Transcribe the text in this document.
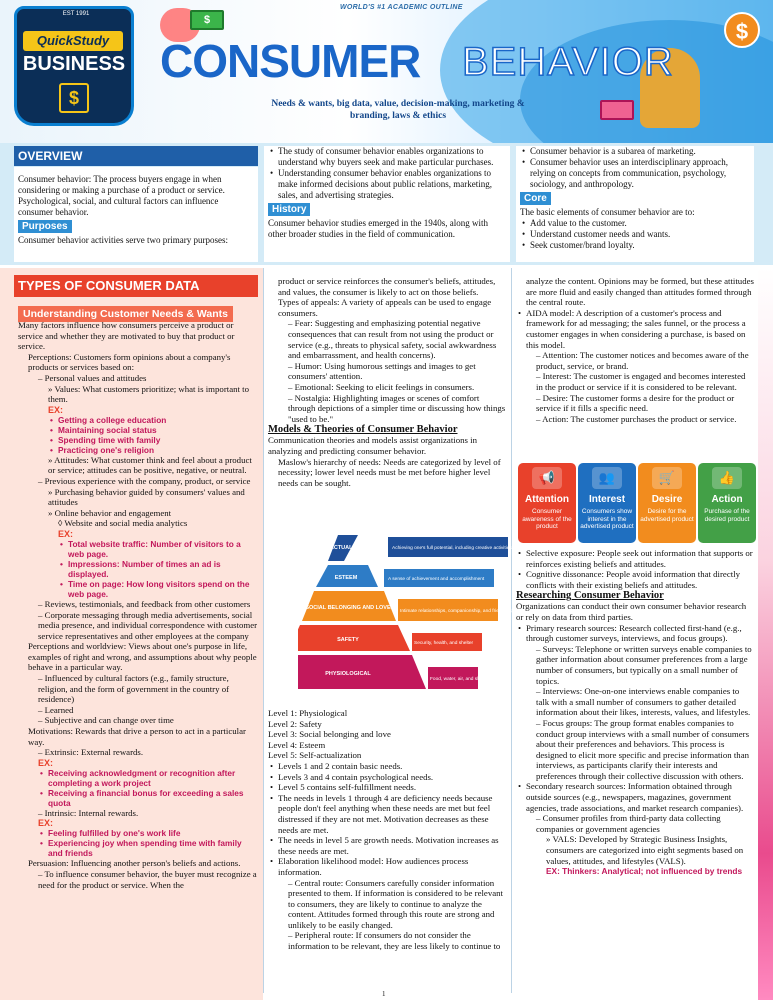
$
WORLD'S #1 ACADEMIC OUTLINE
EST 1991
QuickStudy
BUSINESS
$
CONSUMER BEHAVIOR
Needs & wants, big data, value, decision-making, marketing & branding, laws & ethics
$
OVERVIEW

Consumer behavior: The process buyers engage in when considering or making a purchase of a product or service.

Psychological, social, and cultural factors can influence consumer behavior.

Purposes

Consumer behavior activities serve two primary purposes:

• The study of consumer behavior enables organizations to understand why buyers seek and make particular purchases.
• Understanding consumer behavior enables organizations to make informed decisions about public relations, marketing, sales, and advertising strategies.
History

Consumer behavior studies emerged in the 1940s, along with other broader studies in the field of communication.

• Consumer behavior is a subarea of marketing.
• Consumer behavior uses an interdisciplinary approach, relying on concepts from communication, psychology, sociology, and anthropology.
Core

The basic elements of consumer behavior are to:

• Add value to the customer.
• Understand customer needs and wants.
• Seek customer/brand loyalty.
TYPES OF CONSUMER DATA
Understanding Customer Needs & Wants

Many factors influence how consumers perceive a product or service and whether they are motivated to buy that product or service.

Perceptions: Customers form opinions about a company's products or services based on:

– Personal values and attitudes

» Values: What customers prioritize; what is important to them.

EX:

• Getting a college education
• Maintaining social status
• Spending time with family
• Practicing one's religion

» Attitudes: What customer think and feel about a product or service; attitudes can be positive, negative, or neutral.

– Previous experience with the company, product, or service

» Purchasing behavior guided by consumers' values and attitudes

» Online behavior and engagement

◊ Website and social media analytics

EX:

• Total website traffic: Number of visitors to a web page.
• Impressions: Number of times an ad is displayed.
• Time on page: How long visitors spend on the web page.

– Reviews, testimonials, and feedback from other customers

– Corporate messaging through media advertisements, social media presence, and individual correspondence with customer service representatives and other employees at the company

Perceptions and worldview: Views about one's purpose in life, examples of right and wrong, and assumptions about why people behave in a particular way.

– Influenced by cultural factors (e.g., family structure, religion, and the form of government in the country of residence)

– Learned

– Subjective and can change over time

Motivations: Rewards that drive a person to act in a particular way.

– Extrinsic: External rewards.

EX:

• Receiving acknowledgment or recognition after completing a work project
• Receiving a financial bonus for exceeding a sales quota

– Intrinsic: Internal rewards.

EX:

• Feeling fulfilled by one's work life
• Experiencing joy when spending time with family and friends

Persuasion: Influencing another person's beliefs and actions.

– To influence consumer behavior, the buyer must recognize a need for the product or service. When the

product or service reinforces the consumer's beliefs, attitudes, and values, the consumer is likely to act on those beliefs.

Types of appeals: A variety of appeals can be used to engage consumers.

– Fear: Suggesting and emphasizing potential negative consequences that can result from not using the product or service (e.g., threats to physical safety, social awkwardness and embarrassment, and health concerns).

– Humor: Using humorous settings and images to get consumers' attention.

– Emotional: Seeking to elicit feelings in consumers.

– Nostalgia: Highlighting images or scenes of comfort through depictions of a simpler time or discussing how things "used to be."

Models & Theories of Consumer Behavior

Communication theories and models assist organizations in analyzing and predicting consumer behavior.

Maslow's hierarchy of needs: Needs are categorized by level of necessity; lower level needs must be met before higher level needs can be sought.

SELF-ACTUALIZATION
ESTEEM
SOCIAL BELONGING AND LOVE
SAFETY
PHYSIOLOGICAL
Achieving one's full potential, including creative activities
A sense of achievement and accomplishment
Intimate relationships, companionship, and friendship
Security, health, and shelter
Food, water, air, and sleep

Level 1: Physiological

Level 2: Safety

Level 3: Social belonging and love

Level 4: Esteem

Level 5: Self-actualization

• Levels 1 and 2 contain basic needs.
• Levels 3 and 4 contain psychological needs.
• Level 5 contains self-fulfillment needs.
• The needs in levels 1 through 4 are deficiency needs because people don't feel anything when these needs are met but feel distressed if they are not met. Motivation decreases as these needs are met.
• The needs in level 5 are growth needs. Motivation increases as these needs are met.
• Elaboration likelihood model: How audiences process information.

– Central route: Consumers carefully consider information presented to them. If information is considered to be relevant to consumers, they are likely to continue to analyze the content. Attitudes formed through this route are strong and unlikely to be easily changed.

– Peripheral route: If consumers do not consider the information to be relevant, they are less likely to continue to

analyze the content. Opinions may be formed, but these attitudes are more fluid and easily changed than attitudes formed through the central route.

• AIDA model: A description of a customer's process and framework for ad messaging; the sales funnel, or the process a customer engages in when considering a purchase, is based on this model.

– Attention: The customer notices and becomes aware of the product, service, or brand.

– Interest: The customer is engaged and becomes interested in the product or service if it is considered to be relevant.

– Desire: The customer forms a desire for the product or service if it fills a specific need.

– Action: The customer purchases the product or service.

📢
Attention
Consumer awareness of the product
👥
Interest
Consumers show interest in the advertised product
🛒
Desire
Desire for the advertised product
👍
Action
Purchase of the desired product
• Selective exposure: People seek out information that supports or reinforces existing beliefs and attitudes.
• Cognitive dissonance: People avoid information that directly conflicts with their existing beliefs and attitudes.

Researching Consumer Behavior

Organizations can conduct their own consumer behavior research or rely on data from third parties.

• Primary research sources: Research collected first-hand (e.g., through customer surveys, interviews, and focus groups).

– Surveys: Telephone or written surveys enable companies to gather information about consumer preferences from a large number of consumers, but typically on a small number of topics.

– Interviews: One-on-one interviews enable companies to talk with a small number of consumers to gather detailed information about their likes, interests, values, and lifestyles.

– Focus groups: The group format enables companies to conduct group interviews with a small number of consumers about their preferences and behaviors. This process is designed to elicit more specific and precise information than interviews, as participants clarify their interests and preferences through their collective discussion with others.

• Secondary research sources: Information obtained through outside sources (e.g., newspapers, magazines, government agencies, trade associations, and market research companies).

– Consumer profiles from third-party data collecting companies or government agencies

» VALS: Developed by Strategic Business Insights, consumers are categorized into eight segments based on values, attitudes, and lifestyles (VALS).

EX: Thinkers: Analytical; not influenced by trends

1
